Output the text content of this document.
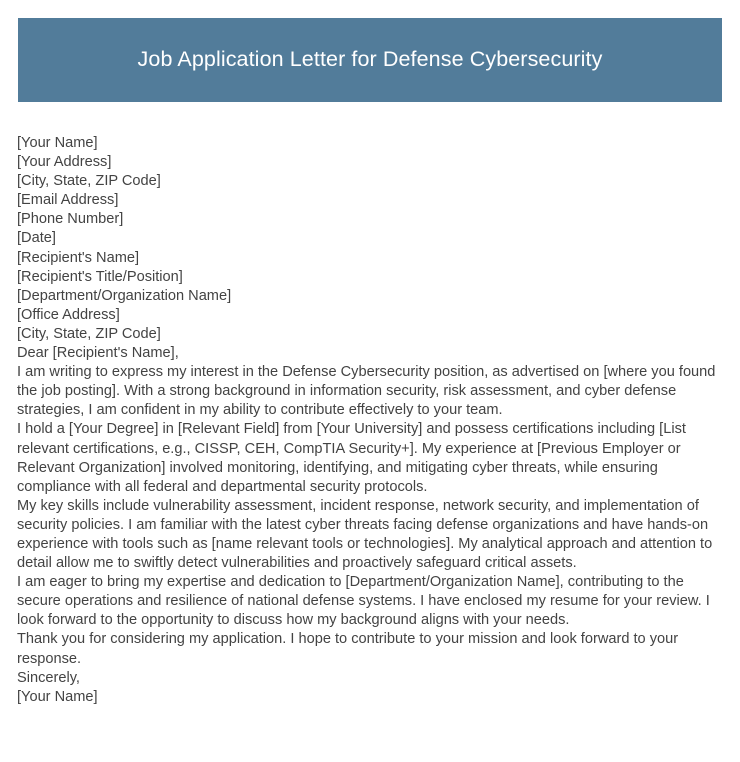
Job Application Letter for Defense Cybersecurity
[Your Name]
[Your Address]
[City, State, ZIP Code]
[Email Address]
[Phone Number]
[Date]
[Recipient's Name]
[Recipient's Title/Position]
[Department/Organization Name]
[Office Address]
[City, State, ZIP Code]
Dear [Recipient's Name],

I am writing to express my interest in the Defense Cybersecurity position, as advertised on [where you found the job posting]. With a strong background in information security, risk assessment, and cyber defense strategies, I am confident in my ability to contribute effectively to your team.

I hold a [Your Degree] in [Relevant Field] from [Your University] and possess certifications including [List relevant certifications, e.g., CISSP, CEH, CompTIA Security+]. My experience at [Previous Employer or Relevant Organization] involved monitoring, identifying, and mitigating cyber threats, while ensuring compliance with all federal and departmental security protocols.

My key skills include vulnerability assessment, incident response, network security, and implementation of security policies. I am familiar with the latest cyber threats facing defense organizations and have hands-on experience with tools such as [name relevant tools or technologies]. My analytical approach and attention to detail allow me to swiftly detect vulnerabilities and proactively safeguard critical assets.

I am eager to bring my expertise and dedication to [Department/Organization Name], contributing to the secure operations and resilience of national defense systems. I have enclosed my resume for your review. I look forward to the opportunity to discuss how my background aligns with your needs.

Thank you for considering my application. I hope to contribute to your mission and look forward to your response.

Sincerely,
[Your Name]
